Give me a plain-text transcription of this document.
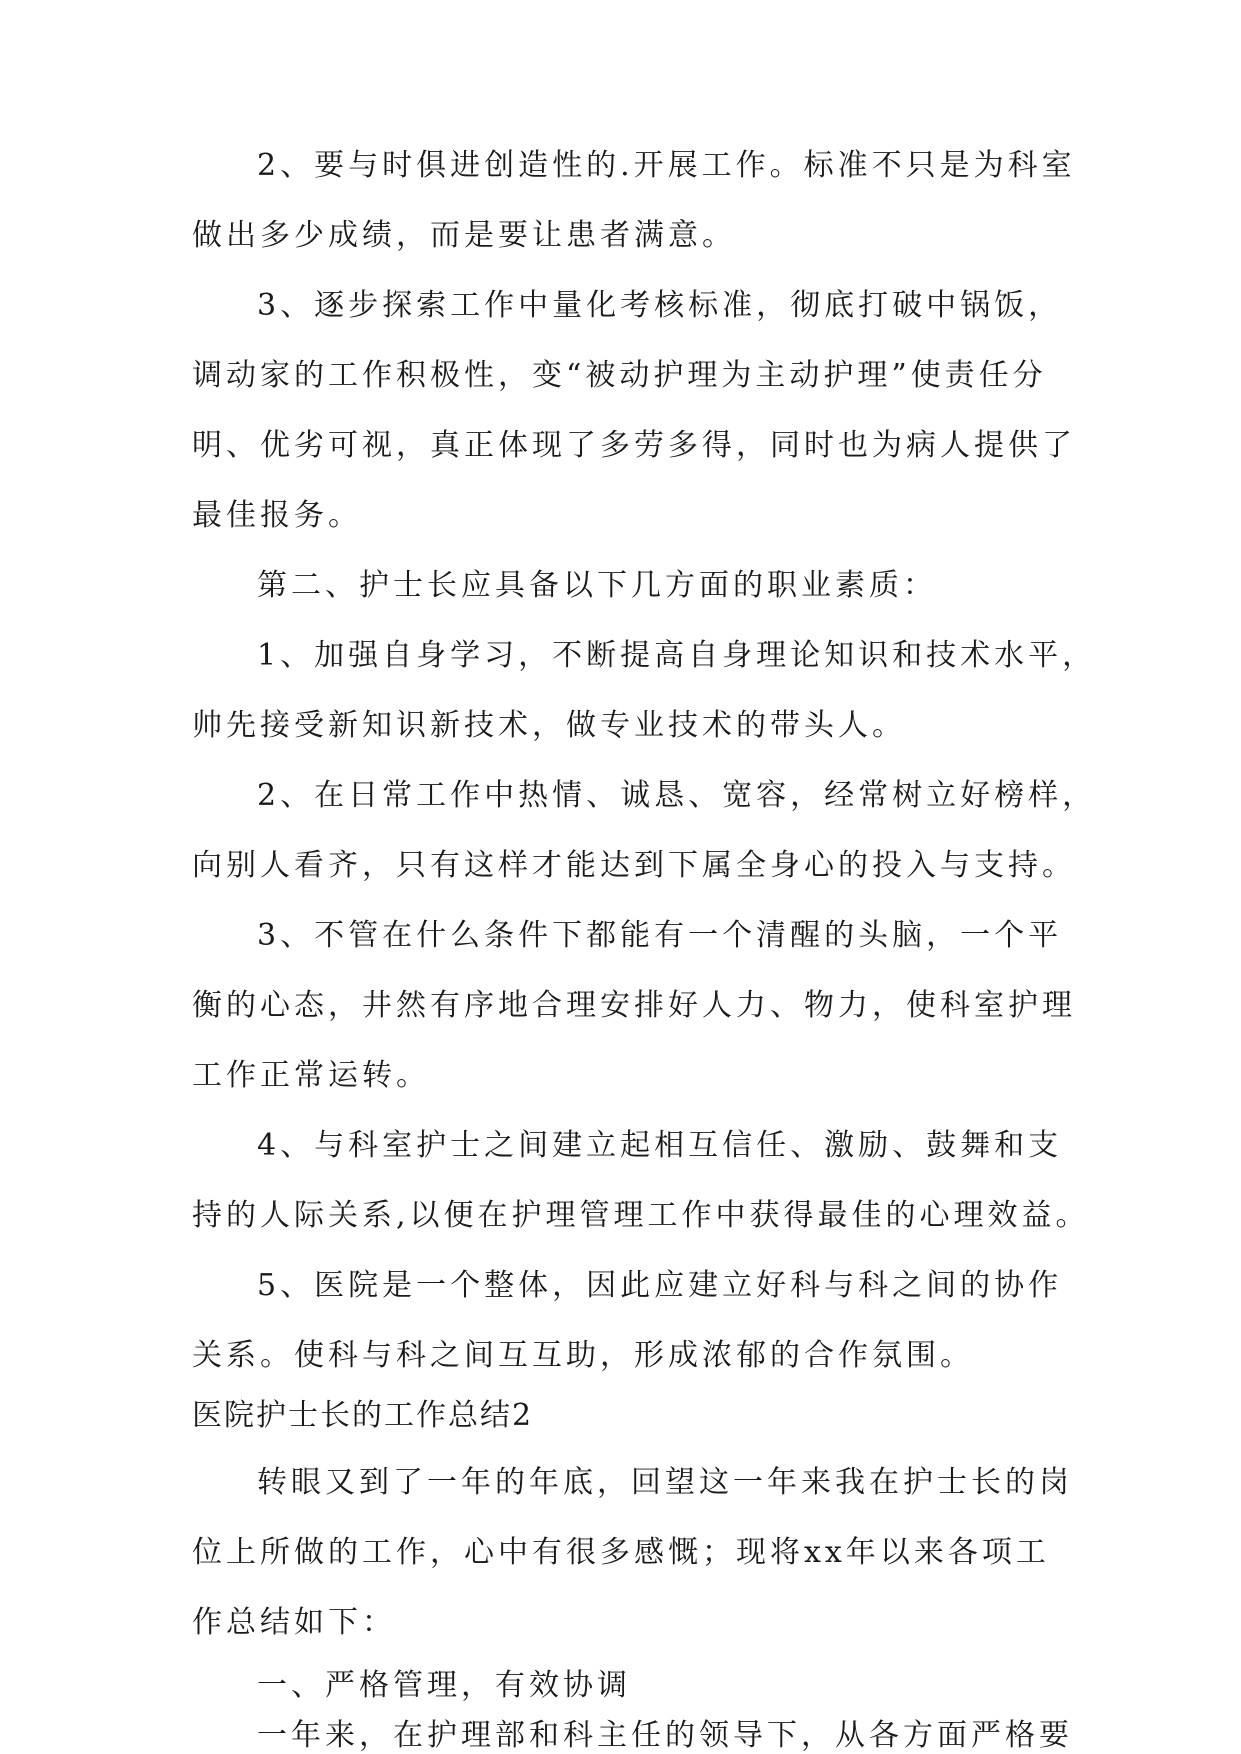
2、要与时俱进创造性的.开展工作。标准不只是为科室
做出多少成绩，而是要让患者满意。
3、逐步探索工作中量化考核标准，彻底打破中锅饭，
调动家的工作积极性，变“被动护理为主动护理”使责任分
明、优劣可视，真正体现了多劳多得，同时也为病人提供了
最佳报务。
第二、护士长应具备以下几方面的职业素质：
1、加强自身学习，不断提高自身理论知识和技术水平，
帅先接受新知识新技术，做专业技术的带头人。
2、在日常工作中热情、诚恳、宽容，经常树立好榜样，
向别人看齐，只有这样才能达到下属全身心的投入与支持。
3、不管在什么条件下都能有一个清醒的头脑，一个平
衡的心态，井然有序地合理安排好人力、物力，使科室护理
工作正常运转。
4、与科室护士之间建立起相互信任、激励、鼓舞和支
持的人际关系,以便在护理管理工作中获得最佳的心理效益。
5、医院是一个整体，因此应建立好科与科之间的协作
关系。使科与科之间互互助，形成浓郁的合作氛围。
医院护士长的工作总结2
转眼又到了一年的年底，回望这一年来我在护士长的岗
位上所做的工作，心中有很多感慨；现将xx年以来各项工
作总结如下：
一、严格管理，有效协调
一年来，在护理部和科主任的领导下，从各方面严格要
